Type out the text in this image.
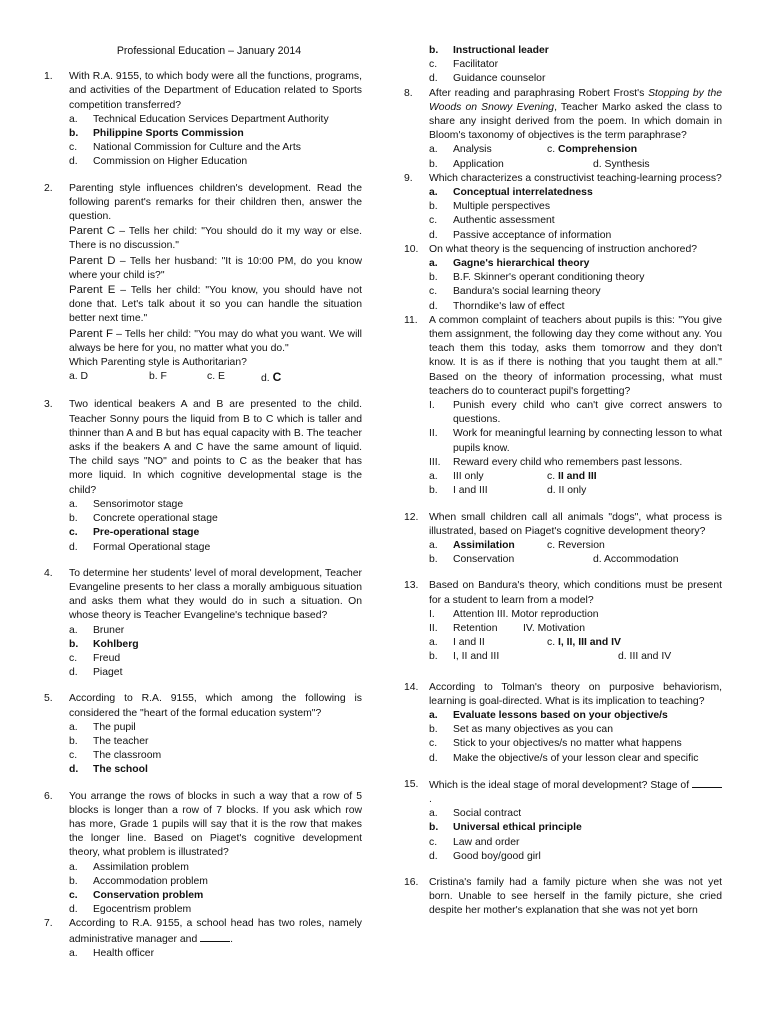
Professional Education – January 2014
1. With R.A. 9155, to which body were all the functions, programs, and activities of the Department of Education related to Sports competition transferred?
a. Technical Education Services Department Authority
b. Philippine Sports Commission
c. National Commission for Culture and the Arts
d. Commission on Higher Education
2. Parenting style influences children's development. Read the following parent's remarks for their children then, answer the question.
Parent C – Tells her child: "You should do it my way or else. There is no discussion."
Parent D – Tells her husband: "It is 10:00 PM, do you know where your child is?"
Parent E – Tells her child: "You know, you should have not done that. Let's talk about it so you can handle the situation better next time."
Parent F – Tells her child: "You may do what you want. We will always be here for you, no matter what you do."
Which Parenting style is Authoritarian?
a. D	b. F	c. E	d. C
3. Two identical beakers A and B are presented to the child. Teacher Sonny pours the liquid from B to C which is taller and thinner than A and B but has equal capacity with B. The teacher asks if the beakers A and C have the same amount of liquid. The child says "NO" and points to C as the beaker that has more liquid. In which cognitive developmental stage is the child?
a. Sensorimotor stage
b. Concrete operational stage
c. Pre-operational stage
d. Formal Operational stage
4. To determine her students' level of moral development, Teacher Evangeline presents to her class a morally ambiguous situation and asks them what they would do in such a situation. On whose theory is Teacher Evangeline's technique based?
a. Bruner
b. Kohlberg
c. Freud
d. Piaget
5. According to R.A. 9155, which among the following is considered the "heart of the formal education system"?
a. The pupil
b. The teacher
c. The classroom
d. The school
6. You arrange the rows of blocks in such a way that a row of 5 blocks is longer than a row of 7 blocks. If you ask which row has more, Grade 1 pupils will say that it is the row that makes the longer line. Based on Piaget's cognitive development theory, what problem is illustrated?
a. Assimilation problem
b. Accommodation problem
c. Conservation problem
d. Egocentrism problem
7. According to R.A. 9155, a school head has two roles, namely administrative manager and	.
a. Health officer
b. Instructional leader
c. Facilitator
d. Guidance counselor
8. After reading and paraphrasing Robert Frost's Stopping by the Woods on Snowy Evening, Teacher Marko asked the class to share any insight derived from the poem. In which domain in Bloom's taxonomy of objectives is the term paraphrase?
a. Analysis	c. Comprehension
b. Application	d. Synthesis
9. Which characterizes a constructivist teaching-learning process?
a. Conceptual interrelatedness
b. Multiple perspectives
c. Authentic assessment
d. Passive acceptance of information
10. On what theory is the sequencing of instruction anchored?
a. Gagne's hierarchical theory
b. B.F. Skinner's operant conditioning theory
c. Bandura's social learning theory
d. Thorndike's law of effect
11. A common complaint of teachers about pupils is this: "You give them assignment, the following day they come without any. You teach them this today, asks them tomorrow and they don't know. It is as if there is nothing that you taught them at all." Based on the theory of information processing, what must teachers do to counteract pupil's forgetting?
I. Punish every child who can't give correct answers to questions.
II. Work for meaningful learning by connecting lesson to what pupils know.
III. Reward every child who remembers past lessons.
a. III only	c. II and III
b. I and III	d. II only
12. When small children call all animals "dogs", what process is illustrated, based on Piaget's cognitive development theory?
a. Assimilation	c. Reversion
b. Conservation	d. Accommodation
13. Based on Bandura's theory, which conditions must be present for a student to learn from a model?
I. Attention III. Motor reproduction
II. Retention	IV. Motivation
a. I and II	c. I, II, III and IV
b. I, II and III	d. III and IV
14. According to Tolman's theory on purposive behaviorism, learning is goal-directed. What is its implication to teaching?
a. Evaluate lessons based on your objective/s
b. Set as many objectives as you can
c. Stick to your objectives/s no matter what happens
d. Make the objective/s of your lesson clear and specific
15. Which is the ideal stage of moral development? Stage of .
a. Social contract
b. Universal ethical principle
c. Law and order
d. Good boy/good girl
16. Cristina's family had a family picture when she was not yet born. Unable to see herself in the family picture, she cried despite her mother's explanation that she was not yet born
